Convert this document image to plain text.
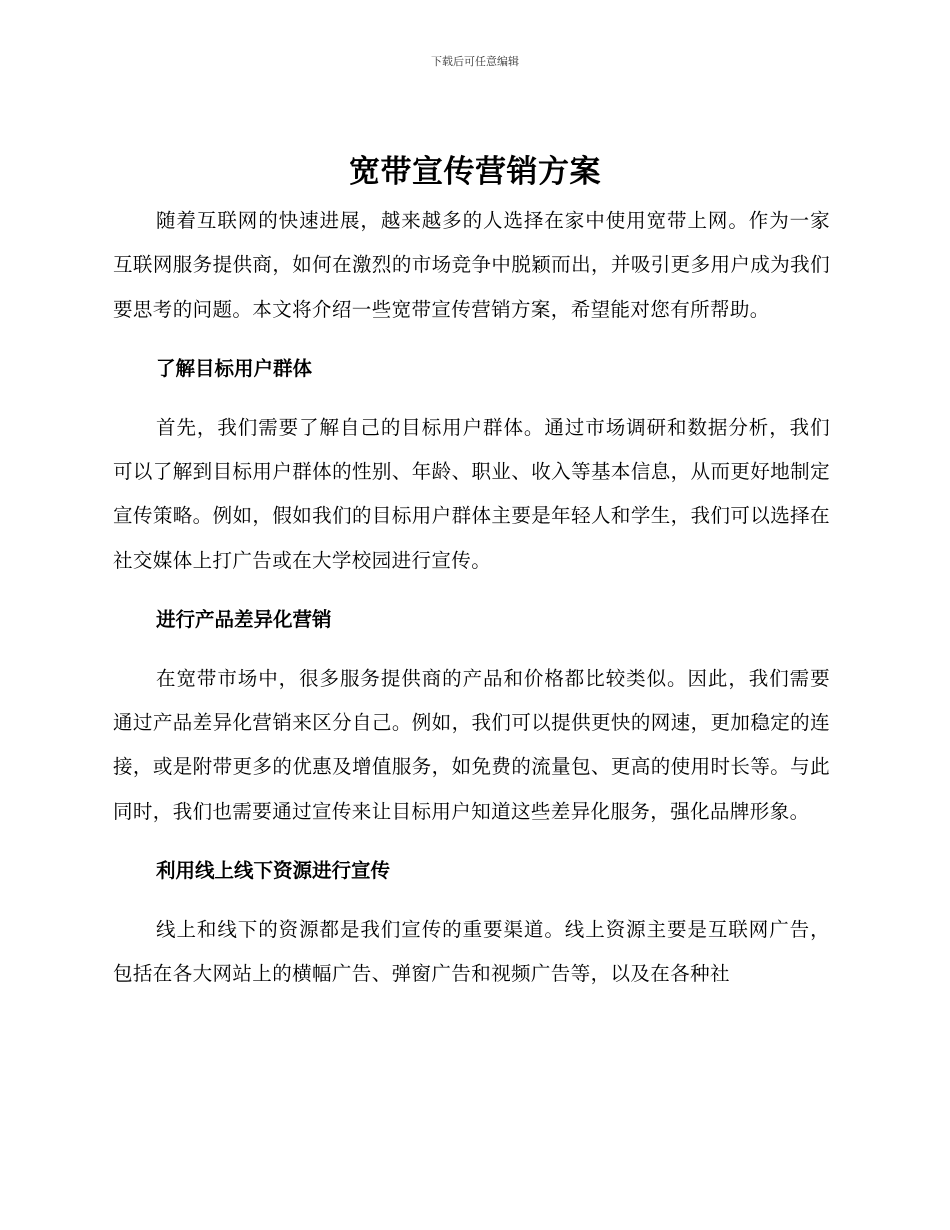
下载后可任意编辑
宽带宣传营销方案

随着互联网的快速进展，越来越多的人选择在家中使用宽带上网。作为一家互联网服务提供商，如何在激烈的市场竞争中脱颖而出，并吸引更多用户成为我们要思考的问题。本文将介绍一些宽带宣传营销方案，希望能对您有所帮助。

了解目标用户群体

首先，我们需要了解自己的目标用户群体。通过市场调研和数据分析，我们可以了解到目标用户群体的性别、年龄、职业、收入等基本信息，从而更好地制定宣传策略。例如，假如我们的目标用户群体主要是年轻人和学生，我们可以选择在社交媒体上打广告或在大学校园进行宣传。

进行产品差异化营销

在宽带市场中，很多服务提供商的产品和价格都比较类似。因此，我们需要通过产品差异化营销来区分自己。例如，我们可以提供更快的网速，更加稳定的连接，或是附带更多的优惠及增值服务，如免费的流量包、更高的使用时长等。与此同时，我们也需要通过宣传来让目标用户知道这些差异化服务，强化品牌形象。

利用线上线下资源进行宣传

线上和线下的资源都是我们宣传的重要渠道。线上资源主要是互联网广告，包括在各大网站上的横幅广告、弹窗广告和视频广告等，以及在各种社
